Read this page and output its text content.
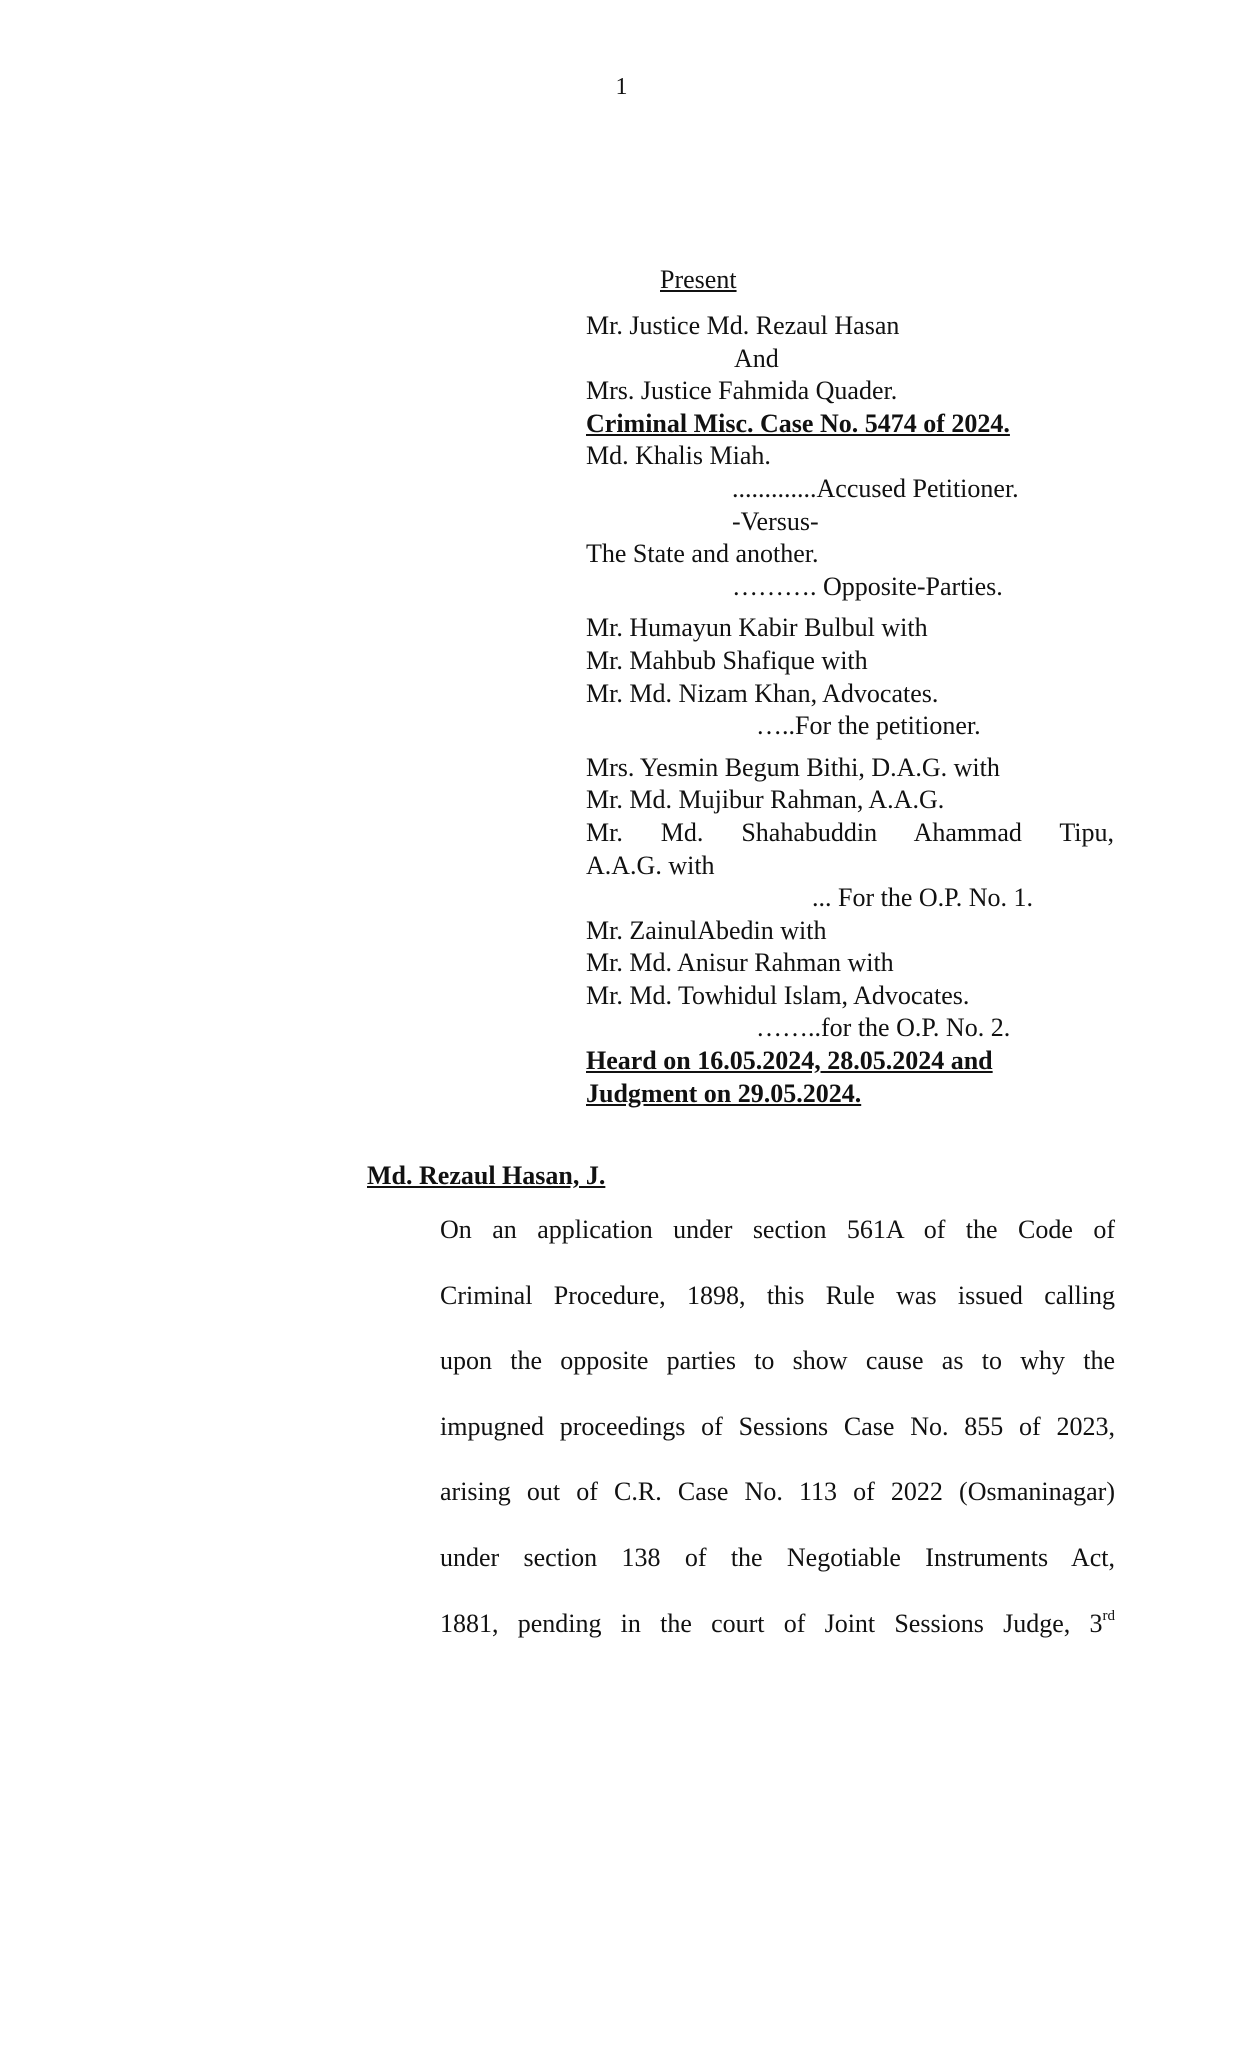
1
Present
Mr. Justice Md. Rezaul Hasan
And
Mrs. Justice Fahmida Quader.
Criminal Misc. Case No. 5474 of 2024.
Md. Khalis Miah.
.............Accused Petitioner.
-Versus-
The State and another.
………. Opposite-Parties.
Mr. Humayun Kabir Bulbul with
Mr. Mahbub Shafique with
Mr. Md. Nizam Khan, Advocates.
…..For the petitioner.
Mrs. Yesmin Begum Bithi, D.A.G. with
Mr. Md. Mujibur Rahman, A.A.G.
Mr. Md. Shahabuddin Ahammad Tipu,
A.A.G. with
... For the O.P. No. 1.
Mr. ZainulAbedin with
Mr. Md. Anisur Rahman with
Mr. Md. Towhidul Islam, Advocates.
……..for the O.P. No. 2.
Heard on 16.05.2024, 28.05.2024 and
Judgment on 29.05.2024.
Md. Rezaul Hasan, J.
On an application under section 561A of the Code of
Criminal Procedure, 1898, this Rule was issued calling
upon the opposite parties to show cause as to why the
impugned proceedings of Sessions Case No. 855 of 2023,
arising out of C.R. Case No. 113 of 2022 (Osmaninagar)
under section 138 of the Negotiable Instruments Act,
1881, pending in the court of Joint Sessions Judge, 3rd
